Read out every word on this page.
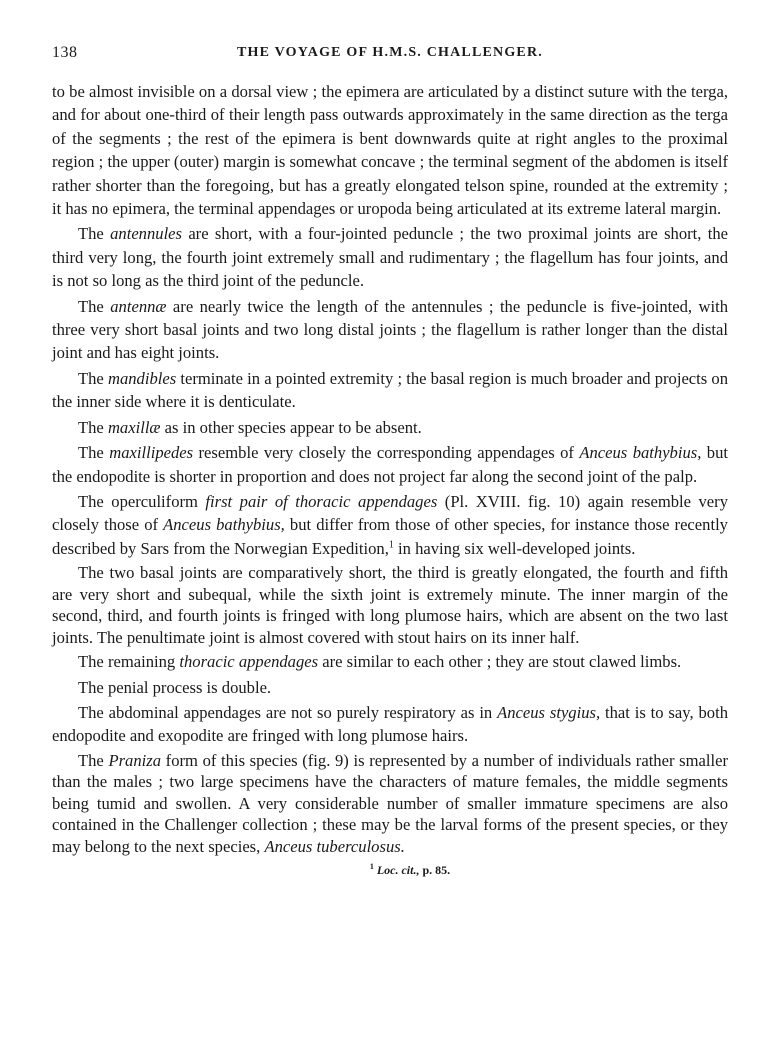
138	THE VOYAGE OF H.M.S. CHALLENGER.

to be almost invisible on a dorsal view ; the epimera are articulated by a distinct suture with the terga, and for about one-third of their length pass outwards approximately in the same direction as the terga of the segments ; the rest of the epimera is bent downwards quite at right angles to the proximal region ; the upper (outer) margin is somewhat concave ; the terminal segment of the abdomen is itself rather shorter than the foregoing, but has a greatly elongated telson spine, rounded at the extremity ; it has no epimera, the terminal appendages or uropoda being articulated at its extreme lateral margin.

The antennules are short, with a four-jointed peduncle ; the two proximal joints are short, the third very long, the fourth joint extremely small and rudimentary ; the flagellum has four joints, and is not so long as the third joint of the peduncle.

The antennæ are nearly twice the length of the antennules ; the peduncle is five-jointed, with three very short basal joints and two long distal joints ; the flagellum is rather longer than the distal joint and has eight joints.

The mandibles terminate in a pointed extremity ; the basal region is much broader and projects on the inner side where it is denticulate.

The maxillæ as in other species appear to be absent.

The maxillipedes resemble very closely the corresponding appendages of Anceus bathybius, but the endopodite is shorter in proportion and does not project far along the second joint of the palp.

The operculiform first pair of thoracic appendages (Pl. XVIII. fig. 10) again resemble very closely those of Anceus bathybius, but differ from those of other species, for instance those recently described by Sars from the Norwegian Expedition,$^1$ in having six well-developed joints.

The two basal joints are comparatively short, the third is greatly elongated, the fourth and fifth are very short and subequal, while the sixth joint is extremely minute. The inner margin of the second, third, and fourth joints is fringed with long plumose hairs, which are absent on the two last joints. The penultimate joint is almost covered with stout hairs on its inner half.

The remaining thoracic appendages are similar to each other ; they are stout clawed limbs.

The penial process is double.

The abdominal appendages are not so purely respiratory as in Anceus stygius, that is to say, both endopodite and exopodite are fringed with long plumose hairs.

The Praniza form of this species (fig. 9) is represented by a number of individuals rather smaller than the males ; two large specimens have the characters of mature females, the middle segments being tumid and swollen. A very considerable number of smaller immature specimens are also contained in the Challenger collection ; these may be the larval forms of the present species, or they may belong to the next species, Anceus tuberculosus.

$^1$ Loc. cit., p. 85.
